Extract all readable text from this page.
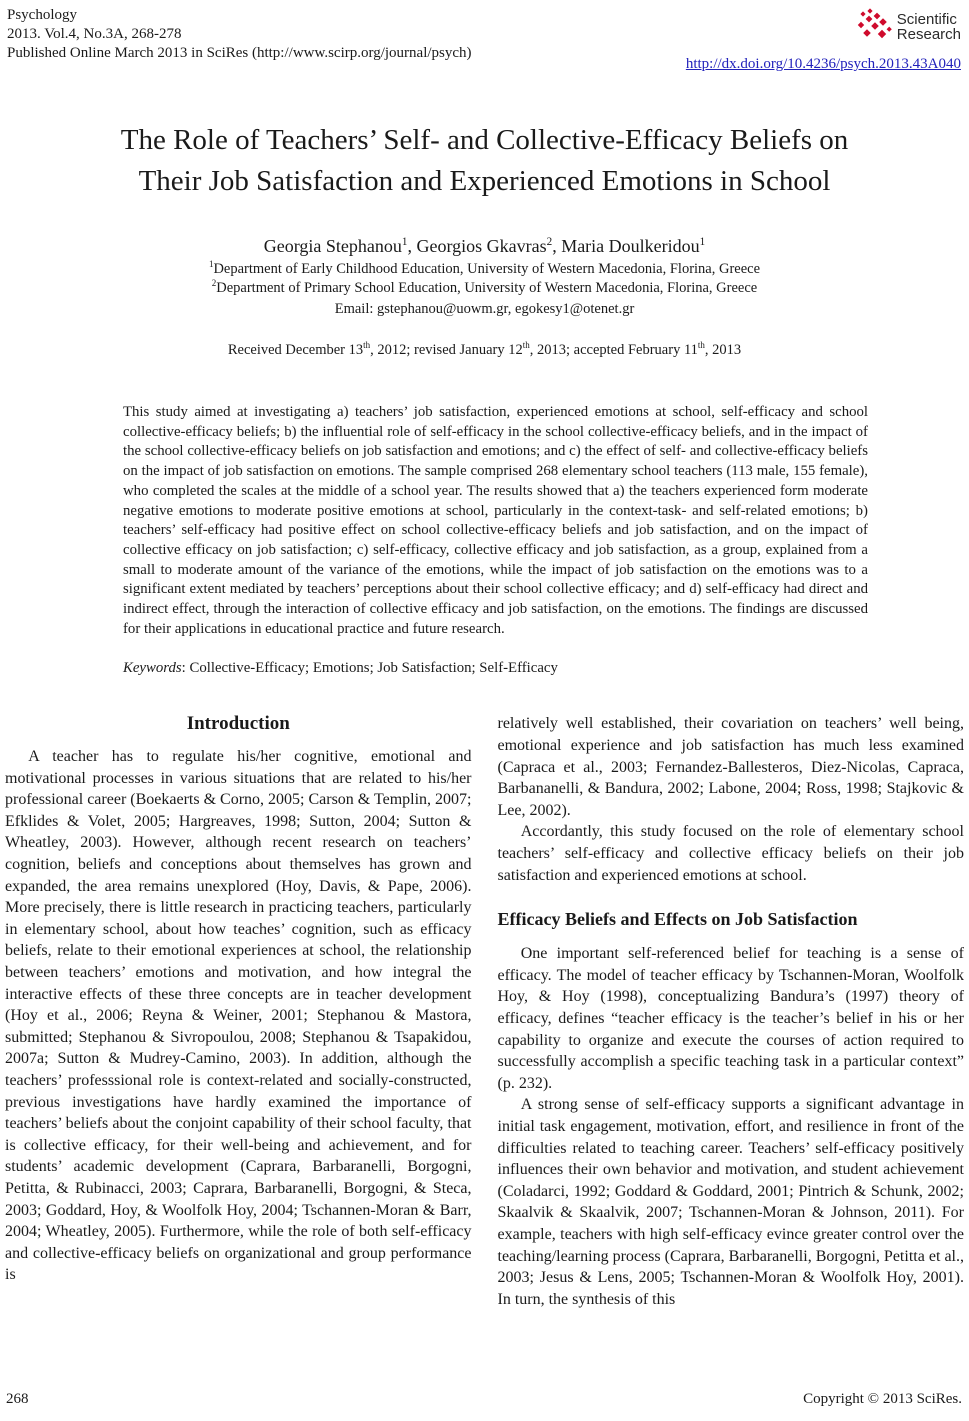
Psychology
2013. Vol.4, No.3A, 268-278
Published Online March 2013 in SciRes (http://www.scirp.org/journal/psych)
Scientific
Research
http://dx.doi.org/10.4236/psych.2013.43A040
The Role of Teachers’ Self- and Collective-Efficacy Beliefs on
Their Job Satisfaction and Experienced Emotions in School
Georgia Stephanou$^1$, Georgios Gkavras$^2$, Maria Doulkeridou$^1$
$^1$Department of Early Childhood Education, University of Western Macedonia, Florina, Greece
$^2$Department of Primary School Education, University of Western Macedonia, Florina, Greece
Email: gstephanou@uowm.gr, egokesy1@otenet.gr
Received December 13th, 2012; revised January 12th, 2013; accepted February 11th, 2013
This study aimed at investigating a) teachers’ job satisfaction, experienced emotions at school, self-efficacy and school collective-efficacy beliefs; b) the influential role of self-efficacy in the school collective-efficacy beliefs, and in the impact of the school collective-efficacy beliefs on job satisfaction and emotions; and c) the effect of self- and collective-efficacy beliefs on the impact of job satisfaction on emotions. The sample comprised 268 elementary school teachers (113 male, 155 female), who completed the scales at the middle of a school year. The results showed that a) the teachers experienced form moderate negative emotions to moderate positive emotions at school, particularly in the context-task- and self-related emotions; b) teachers’ self-efficacy had positive effect on school collective-efficacy beliefs and job satisfaction, and on the impact of collective efficacy on job satisfaction; c) self-efficacy, collective efficacy and job satisfaction, as a group, explained from a small to moderate amount of the variance of the emotions, while the impact of job satisfaction on the emotions was to a significant extent mediated by teachers’ perceptions about their school collective efficacy; and d) self-efficacy had direct and indirect effect, through the interaction of collective efficacy and job satisfaction, on the emotions. The findings are discussed for their applications in educational practice and future research.
Keywords: Collective-Efficacy; Emotions; Job Satisfaction; Self-Efficacy
Introduction

A teacher has to regulate his/her cognitive, emotional and motivational processes in various situations that are related to his/her professional career (Boekaerts & Corno, 2005; Carson & Templin, 2007; Efklides & Volet, 2005; Hargreaves, 1998; Sutton, 2004; Sutton & Wheatley, 2003). However, although recent research on teachers’ cognition, beliefs and conceptions about themselves has grown and expanded, the area remains unexplored (Hoy, Davis, & Pape, 2006). More precisely, there is little research in practicing teachers, particularly in elementary school, about how teaches’ cognition, such as efficacy beliefs, relate to their emotional experiences at school, the relationship between teachers’ emotions and motivation, and how integral the interactive effects of these three concepts are in teacher development (Hoy et al., 2006; Reyna & Weiner, 2001; Stephanou & Mastora, submitted; Stephanou & Sivropoulou, 2008; Stephanou & Tsapakidou, 2007a; Sutton & Mudrey-Camino, 2003). In addition, although the teachers’ professsional role is context-related and socially-constructed, previous investigations have hardly examined the importance of teachers’ beliefs about the conjoint capability of their school faculty, that is collective efficacy, for their well-being and achievement, and for students’ academic development (Caprara, Barbaranelli, Borgogni, Petitta, & Rubinacci, 2003; Caprara, Barbaranelli, Borgogni, & Steca, 2003; Goddard, Hoy, & Woolfolk Hoy, 2004; Tschannen-Moran & Barr, 2004; Wheatley, 2005). Furthermore, while the role of both self-efficacy and collective-efficacy beliefs on organizational and group performance is

relatively well established, their covariation on teachers’ well being, emotional experience and job satisfaction has much less examined (Capraca et al., 2003; Fernandez-Ballesteros, Diez-Nicolas, Capraca, Barbananelli, & Bandura, 2002; Labone, 2004; Ross, 1998; Stajkovic & Lee, 2002).

Accordantly, this study focused on the role of elementary school teachers’ self-efficacy and collective efficacy beliefs on their job satisfaction and experienced emotions at school.

Efficacy Beliefs and Effects on Job Satisfaction

One important self-referenced belief for teaching is a sense of efficacy. The model of teacher efficacy by Tschannen-Moran, Woolfolk Hoy, & Hoy (1998), conceptualizing Bandura’s (1997) theory of efficacy, defines “teacher efficacy is the teacher’s belief in his or her capability to organize and execute the courses of action required to successfully accomplish a specific teaching task in a particular context” (p. 232).

A strong sense of self-efficacy supports a significant advantage in initial task engagement, motivation, effort, and resilience in front of the difficulties related to teaching career. Teachers’ self-efficacy positively influences their own behavior and motivation, and student achievement (Coladarci, 1992; Goddard & Goddard, 2001; Pintrich & Schunk, 2002; Skaalvik & Skaalvik, 2007; Tschannen-Moran & Johnson, 2011). For example, teachers with high self-efficacy evince greater control over the teaching/learning process (Caprara, Barbaranelli, Borgogni, Petitta et al., 2003; Jesus & Lens, 2005; Tschannen-Moran & Woolfolk Hoy, 2001). In turn, the synthesis of this

268	Copyright © 2013 SciRes.
